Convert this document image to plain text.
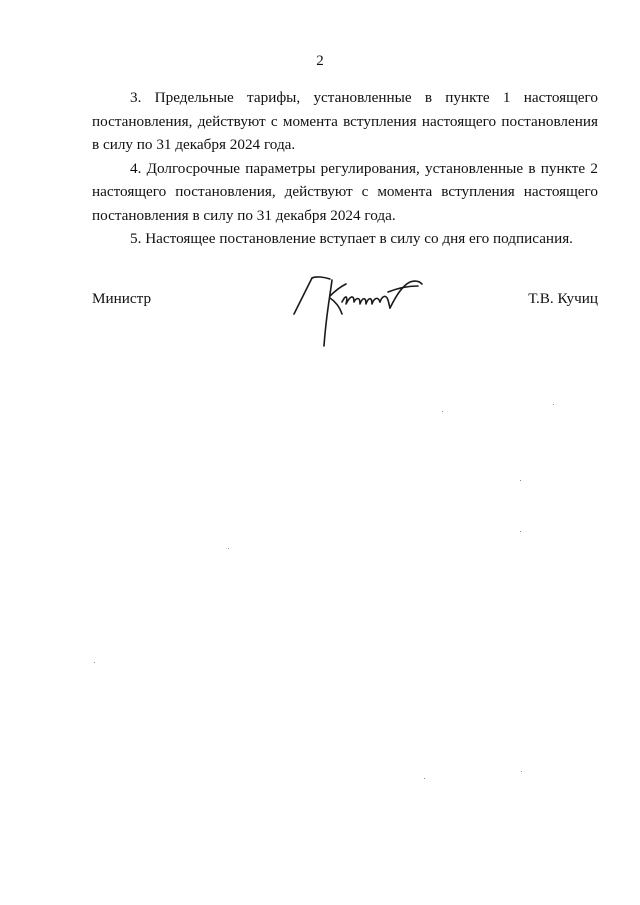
2

3. Предельные тарифы, установленные в пункте 1 настоящего постановления, действуют с момента вступления настоящего постановления в силу по 31 декабря 2024 года.

4. Долгосрочные параметры регулирования, установленные в пункте 2 настоящего постановления, действуют с момента вступления настоящего постановления в силу по 31 декабря 2024 года.

5. Настоящее постановление вступает в силу со дня его подписания.

Министр	Т.В. Кучиц
